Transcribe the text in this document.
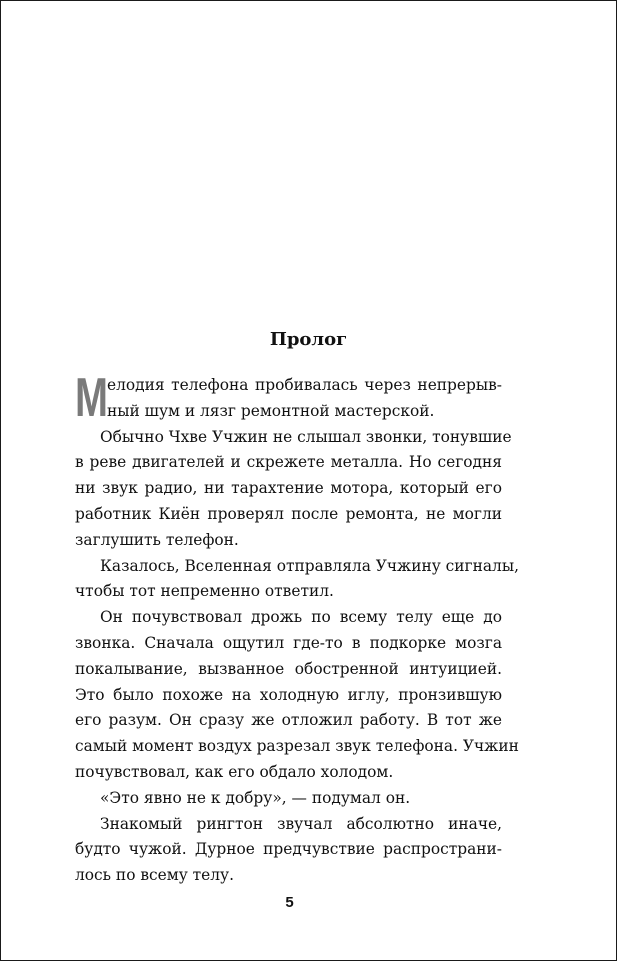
Пролог
М елодия телефона пробивалась через непрерыв-
ный шум и лязг ремонтной мастерской.
Обычно Чхве Учжин не слышал звонки, тонувшие
в реве двигателей и скрежете металла. Но сегодня
ни звук радио, ни тарахтение мотора, который его
работник Киён проверял после ремонта, не могли
заглушить телефон.
Казалось, Вселенная отправляла Учжину сигналы,
чтобы тот непременно ответил.
Он почувствовал дрожь по всему телу еще до
звонка. Сначала ощутил где-то в подкорке мозга
покалывание, вызванное обостренной интуицией.
Это было похоже на холодную иглу, пронзившую
его разум. Он сразу же отложил работу. В тот же
самый момент воздух разрезал звук телефона. Учжин
почувствовал, как его обдало холодом.
«Это явно не к добру», — подумал он.
Знакомый рингтон звучал абсолютно иначе,
будто чужой. Дурное предчувствие распространи-
лось по всему телу.
5
